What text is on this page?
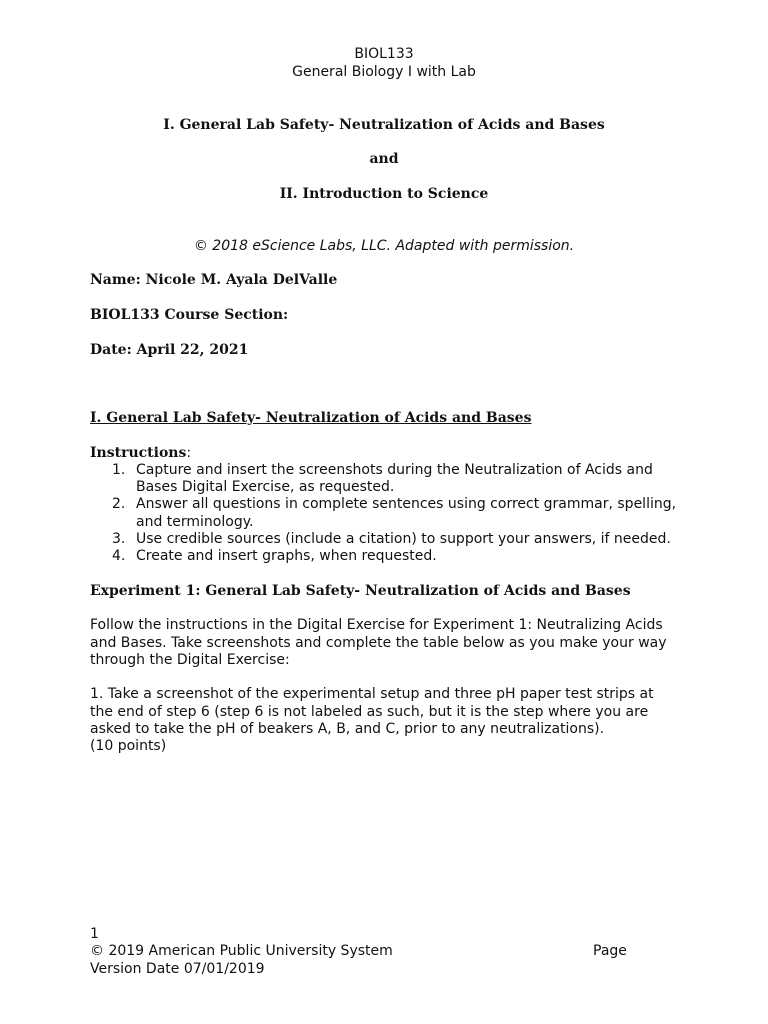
BIOL133
General Biology I with Lab
I. General Lab Safety- Neutralization of Acids and Bases
and
II. Introduction to Science
© 2018 eScience Labs, LLC. Adapted with permission.
Name: Nicole M. Ayala DelValle
BIOL133 Course Section:
Date: April 22, 2021
I. General Lab Safety- Neutralization of Acids and Bases
Instructions:
1. Capture and insert the screenshots during the Neutralization of Acids and
Bases Digital Exercise, as requested.
2. Answer all questions in complete sentences using correct grammar, spelling,
and terminology.
3. Use credible sources (include a citation) to support your answers, if needed.
4. Create and insert graphs, when requested.
Experiment 1: General Lab Safety- Neutralization of Acids and Bases
Follow the instructions in the Digital Exercise for Experiment 1: Neutralizing Acids
and Bases. Take screenshots and complete the table below as you make your way
through the Digital Exercise:
1. Take a screenshot of the experimental setup and three pH paper test strips at
the end of step 6 (step 6 is not labeled as such, but it is the step where you are
asked to take the pH of beakers A, B, and C, prior to any neutralizations).
(10 points)
1
© 2019 American Public University System	Page
Version Date 07/01/2019
